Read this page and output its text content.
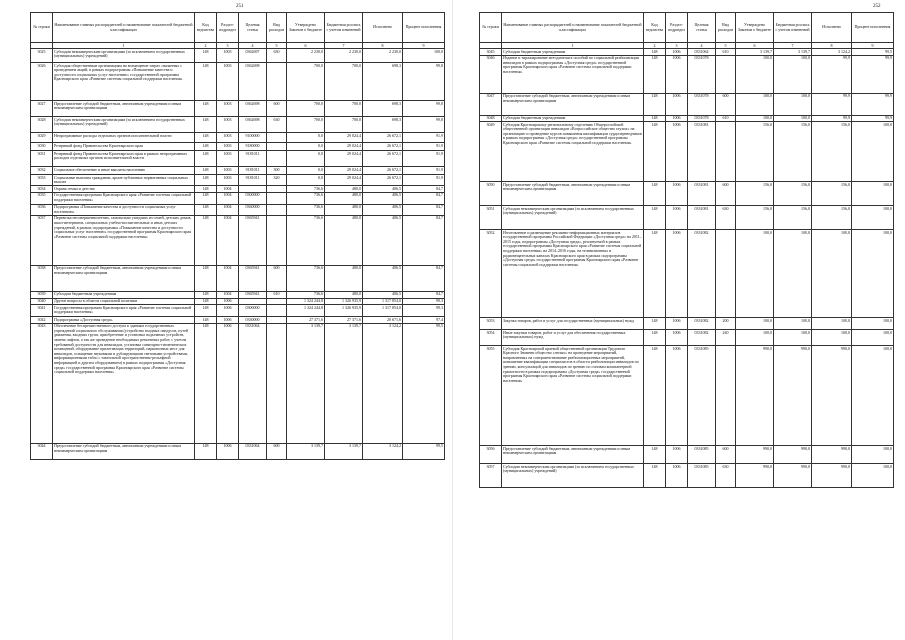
251
№ строки	Наименование главных распорядителей и наименование показателей бюджетной классификации	Код ведомства	Раздел-подраздел	Целевая статья	Вид расходов	Утверждено Законом о бюджете	Бюджетная роспись с учетом изменений	Исполнено	Процент исполнения
	1	2	3	4	5	6	7	8	9
3025	Субсидии некоммерческим организациям (за исключением государственных (муниципальных) учреждений)	148	1003	0362697	630	2 230,0	2 230,0	2 230,0	100,0
3026	Субсидия общественным организациям на возмещение затрат, связанных с проведением акций, в рамках подпрограммы «Повышение качества и доступности социальных услуг населению» государственной программы Красноярского края «Развитие системы социальной поддержки населения»	148	1003	0362698		700,0	700,0	698,3	99,8
3027	Предоставление субсидий бюджетным, автономным учреждениям и иным некоммерческим организациям	148	1003	0362698	600	700,0	700,0	698,3	99,8
3028	Субсидии некоммерческим организациям (за исключением государственных (муниципальных) учреждений)	148	1003	0362698	630	700,0	700,0	698,3	99,8
3029	Непрограммные расходы отдельных органов исполнительной власти	148	1003	9100000		0,0	29 024,4	26 672,1	91,9
3030	Резервный фонд Правительства Красноярского края	148	1003	9180000		0,0	29 024,4	26 672,1	91,9
3031	Резервный фонд Правительства Красноярского края в рамках непрограммных расходов отдельных органов исполнительной власти	148	1003	9181011		0,0	29 024,4	26 672,1	91,9
3032	Социальное обеспечение и иные выплаты населению	148	1003	9181011	300	0,0	29 024,4	26 672,1	91,9
3033	Социальные выплаты гражданам, кроме публичных нормативных социальных выплат	148	1003	9181011	320	0,0	29 024,4	26 672,1	91,9
3034	Охрана семьи и детства	148	1004			736,6	480,0	406,5	84,7
3035	Государственная программа Красноярского края «Развитие системы социальной поддержки населения»	148	1004	0300000		736,6	480,0	406,5	84,7
3036	Подпрограмма «Повышение качества и доступности социальных услуг населению»	148	1004	0360000		736,6	480,0	406,5	84,7
3037	Перевозка несовершеннолетних, самовольно ушедших из семей, детских домов, школ-интернатов, специальных учебно-воспитательных и иных детских учреждений, в рамках подпрограммы «Повышение качества и доступности социальных услуг населению» государственной программы Красноярского края «Развитие системы социальной поддержки населения»	148	1004	0365941		736,6	480,0	406,5	84,7
3038	Предоставление субсидий бюджетным, автономным учреждениям и иным некоммерческим организациям	148	1004	0365941	600	736,6	480,0	406,5	84,7
3039	Субсидии бюджетным учреждениям	148	1004	0365941	610	736,6	480,0	406,5	84,7
3040	Другие вопросы в области социальной политики	148	1006			1 324 244,8	1 326 935,9	1 317 854,0	99,3
3041	Государственная программа Красноярского края «Развитие системы социальной поддержки населения»	148	1006	0300000		1 324 244,8	1 326 935,9	1 317 854,0	99,3
3042	Подпрограмма «Доступная среда»	148	1006	0330000		27 371,6	27 371,6	20 671,6	97,4
3043	Обеспечение беспрепятственного доступа к зданиям государственных учреждений социального обслуживания (устройство входных пандусов, путей движения, входных групп, приобретение и установка подъемных устройств, замена лифтов, а так же проведение необходимых ремонтных работ, с учетом требований доступности для инвалидов, установка санитарно-гигиенических помещений, оборудование прилегающих территорий, парковочных мест для инвалидов, оснащение звуковыми и дублирующими световыми устройствами, информационными табло с тактильной пространственно-рельефной информацией и другим оборудованием) в рамках подпрограммы «Доступная среда» государственной программы Красноярского края «Развитие системы социальной поддержки населения»	148	1006	0331064		3 139,7	3 139,7	3 124,2	99,5
3044	Предоставление субсидий бюджетным, автономным учреждениям и иным некоммерческим организациям	148	1006	0331064	600	3 139,7	3 139,7	3 124,2	99,5
252
№ строки	Наименование главных распорядителей и наименование показателей бюджетной классификации	Код ведомства	Раздел-подраздел	Целевая статья	Вид расходов	Утверждено Законом о бюджете	Бюджетная роспись с учетом изменений	Исполнено	Процент исполнения
	1	2	3	4	5	6	7	8	9
3045	Субсидии бюджетным учреждениям	148	1006	0331064	610	3 139,7	3 139,7	3 124,2	99,5
3046	Издание и тиражирование методических пособий по социальной реабилитации инвалидов в рамках подпрограммы «Доступная среда» государственной программы Красноярского края «Развитие системы социальной поддержки населения»	148	1006	0331078		100,0	100,0	99,9	99,9
3047	Предоставление субсидий бюджетным, автономным учреждениям и иным некоммерческим организациям	148	1006	0331078	600	100,0	100,0	99,9	99,9
3048	Субсидии бюджетным учреждениям	148	1006	0331078	610	100,0	100,0	99,9	99,9
3049	Субсидия Красноярскому региональному отделению Общероссийской общественной организации инвалидов «Всероссийское общество глухих» на организацию и проведение курсов повышения квалификации сурдопереводчиков в рамках подпрограммы «Доступная среда» государственной программы Красноярского края «Развитие системы социальной поддержки населения»	148	1006	0331081		156,0	156,0	156,0	100,0
3050	Предоставление субсидий бюджетным, автономным учреждениям и иным некоммерческим организациям	148	1006	0331081	600	156,0	156,0	156,0	100,0
3051	Субсидии некоммерческим организациям (за исключением государственных (муниципальных) учреждений)	148	1006	0331081	630	156,0	156,0	156,0	100,0
3052	Изготовление и размещение рекламно-информационных материалов государственной программы Российской Федерации «Доступная среда» на 2011–2015 годы, подпрограммы «Доступная среда», реализуемой в рамках государственной программы Красноярского края «Развитие системы социальной поддержки населения» на 2014–2016 годы, на телевизионных и радиовещательных каналах Красноярского края в рамках подпрограммы «Доступная среда» государственной программы Красноярского края «Развитие системы социальной поддержки населения»	148	1006	0331082		100,0	100,0	100,0	100,0
3053	Закупка товаров, работ и услуг для государственных (муниципальных) нужд	148	1006	0331082	200	100,0	100,0	100,0	100,0
3054	Иные закупки товаров, работ и услуг для обеспечения государственных (муниципальных) нужд	148	1006	0331082	240	100,0	100,0	100,0	100,0
3055	Субсидия Красноярской краевой общественной организации Трудового Красного Знамени общество слепых» на проведение мероприятий, направленных на совершенствование реабилитационных мероприятий, повышение квалификации специалистов в области реабилитации инвалидов по зрению, консультаций для инвалидов по зрению по основам компьютерной грамотности в рамках подпрограммы «Доступная среда» государственной программы Красноярского края «Развитие системы социальной поддержки населения»	148	1006	0331085		990,0	990,0	990,0	100,0
3056	Предоставление субсидий бюджетным, автономным учреждениям и иным некоммерческим организациям	148	1006	0331085	600	990,0	990,0	990,0	100,0
3057	Субсидии некоммерческим организациям (за исключением государственных (муниципальных) учреждений)	148	1006	0331085	630	990,0	990,0	990,0	100,0
